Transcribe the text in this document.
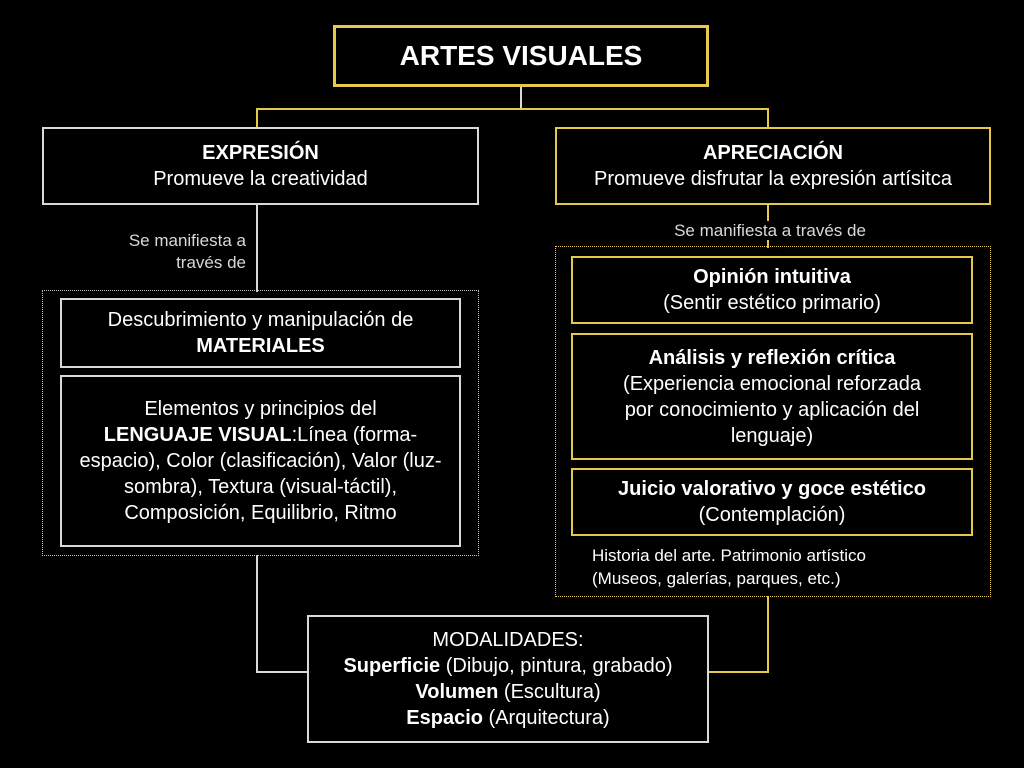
ARTES VISUALES
EXPRESIÓN
Promueve la creatividad
Se manifiesta a través de
Descubrimiento y manipulación de
MATERIALES
Elementos y principios del
LENGUAJE VISUAL:Línea (forma-espacio), Color (clasificación), Valor (luz-sombra), Textura (visual-táctil), Composición, Equilibrio, Ritmo
APRECIACIÓN
Promueve disfrutar la expresión artísitca
Se manifiesta a través de
Opinión intuitiva
(Sentir estético primario)
Análisis y reflexión crítica
(Experiencia emocional reforzada por conocimiento y aplicación del lenguaje)
Juicio valorativo y goce estético
(Contemplación)
Historia del arte. Patrimonio artístico (Museos, galerías, parques, etc.)
MODALIDADES:
Superficie (Dibujo, pintura, grabado)
Volumen (Escultura)
Espacio (Arquitectura)
